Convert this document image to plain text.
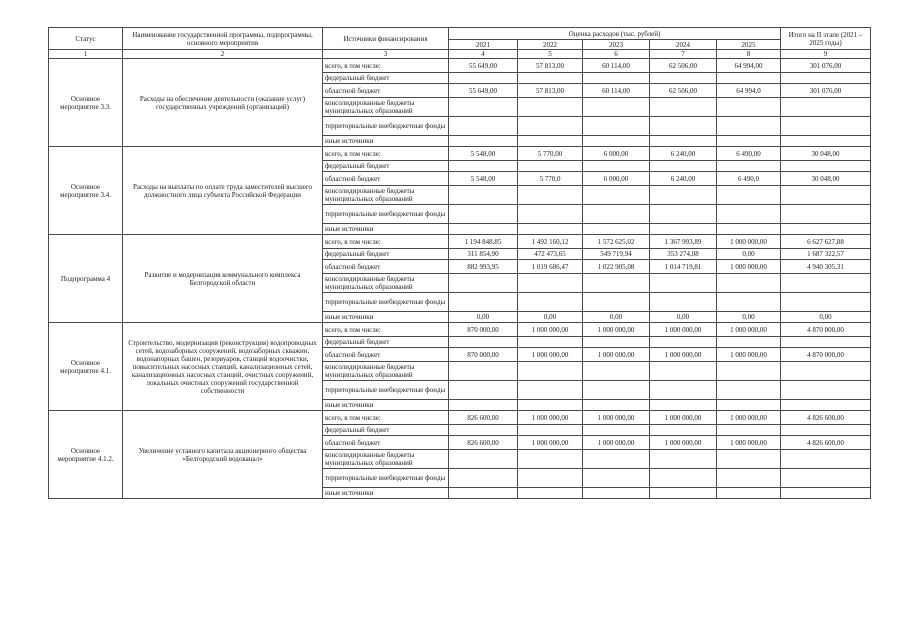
Статус	Наименование государственной программы, подпрограммы, основного мероприятия	Источники финансирования	Оценка расходов (тыс. рублей)					Итого на II этапе (2021 – 2025 годы)
			2021	2022	2023	2024	2025	
1	2	3	4	5	6	7	8	9
Основное мероприятие 3.3.	Расходы на обеспечение деятельности (оказание услуг) государственных учреждений (организаций)	всего, в том числе:	55 649,00	57 813,00	60 114,00	62 506,00	64 994,00	301 076,00
		федеральный бюджет						
		областной бюджет	55 649,00	57 813,00	60 114,00	62 506,00	64 994,0	301 076,00
		консолидированные бюджеты муниципальных образований						
		территориальные внебюджетные фонды						
		иные источники						
Основное мероприятие 3.4.	Расходы на выплаты по оплате труда заместителей высшего должностного лица субъекта Российской Федерации	всего, в том числе:	5 548,00	5 770,00	6 000,00	6 240,00	6 490,00	30 048,00
		федеральный бюджет						
		областной бюджет	5 548,00	5 770,0	6 000,00	6 240,00	6 490,0	30 048,00
		консолидированные бюджеты муниципальных образований						
		территориальные внебюджетные фонды						
		иные источники						
Подпрограмма 4	Развитие и модернизация коммунального комплекса Белгородской области	всего, в том числе:	1 194 848,85	1 492 160,12	1 572 625,02	1 367 993,89	1 000 000,00	6 627 627,88
		федеральный бюджет	311 854,90	472 473,65	549 719,94	353 274,08	0,00	1 687 322,57
		областной бюджет	882 993,95	1 019 686,47	1 022 905,08	1 014 719,81	1 000 000,00	4 940 305,31
		консолидированные бюджеты муниципальных образований						
		территориальные внебюджетные фонды						
		иные источники	0,00	0,00	0,00	0,00	0,00	0,00
Основное мероприятие 4.1.	Строительство, модернизация (реконструкция) водопроводных сетей, водозаборных сооружений, водозаборных скважин, водонапорных башен, резервуаров, станций водоочистки, повысительных насосных станций, канализационных сетей, канализационных насосных станций, очистных сооружений, локальных очистных сооружений государственной собственности	всего, в том числе:	870 000,00	1 000 000,00	1 000 000,00	1 000 000,00	1 000 000,00	4 870 000,00
		федеральный бюджет						
		областной бюджет	870 000,00	1 000 000,00	1 000 000,00	1 000 000,00	1 000 000,00	4 870 000,00
		консолидированные бюджеты муниципальных образований						
		территориальные внебюджетные фонды						
		иные источники						
Основное мероприятие 4.1.2.	Увеличение уставного капитала акционерного общества «Белгородский водоканал»	всего, в том числе:	826 600,00	1 000 000,00	1 000 000,00	1 000 000,00	1 000 000,00	4 826 600,00
		федеральный бюджет						
		областной бюджет	826 600,00	1 000 000,00	1 000 000,00	1 000 000,00	1 000 000,00	4 826 600,00
		консолидированные бюджеты муниципальных образований						
		территориальные внебюджетные фонды						
		иные источники						
